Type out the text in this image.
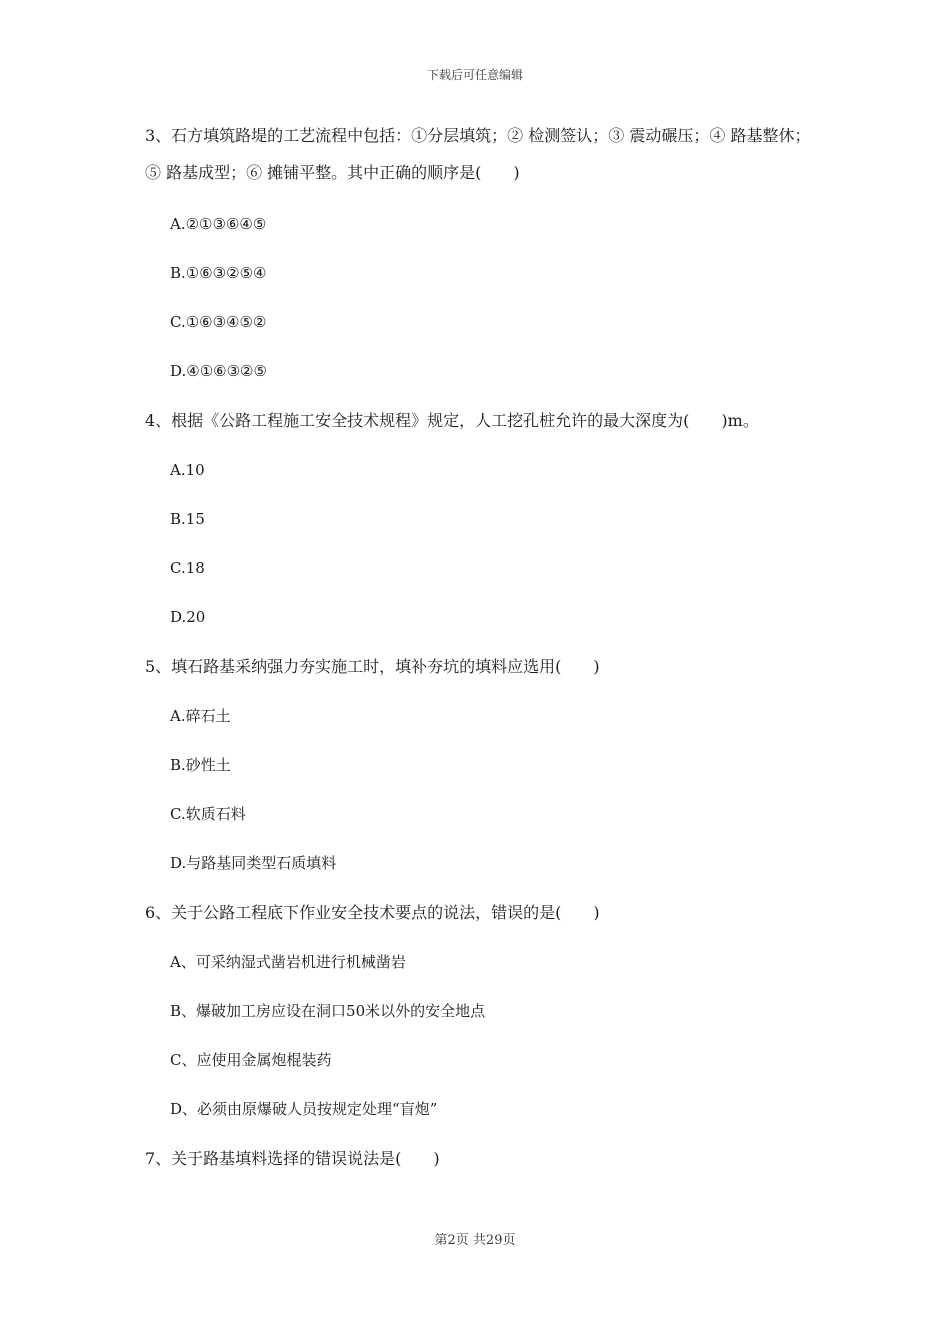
下载后可任意编辑

3、石方填筑路堤的工艺流程中包括：①分层填筑；② 检测签认；③ 震动碾压；④ 路基整休；⑤ 路基成型；⑥ 摊铺平整。其中正确的顺序是(　　)

A.②①③⑥④⑤

B.①⑥③②⑤④

C.①⑥③④⑤②

D.④①⑥③②⑤

4、根据《公路工程施工安全技术规程》规定，人工挖孔桩允许的最大深度为(　　)m。

A.10

B.15

C.18

D.20

5、填石路基采纳强力夯实施工时，填补夯坑的填料应选用(　　)

A.碎石土

B.砂性土

C.软质石料

D.与路基同类型石质填料

6、关于公路工程底下作业安全技术要点的说法，错误的是(　　)

A、可采纳湿式凿岩机进行机械凿岩

B、爆破加工房应设在洞口50米以外的安全地点

C、应使用金属炮棍装药

D、必须由原爆破人员按规定处理“盲炮”

7、关于路基填料选择的错误说法是(　　)

第2页 共29页
